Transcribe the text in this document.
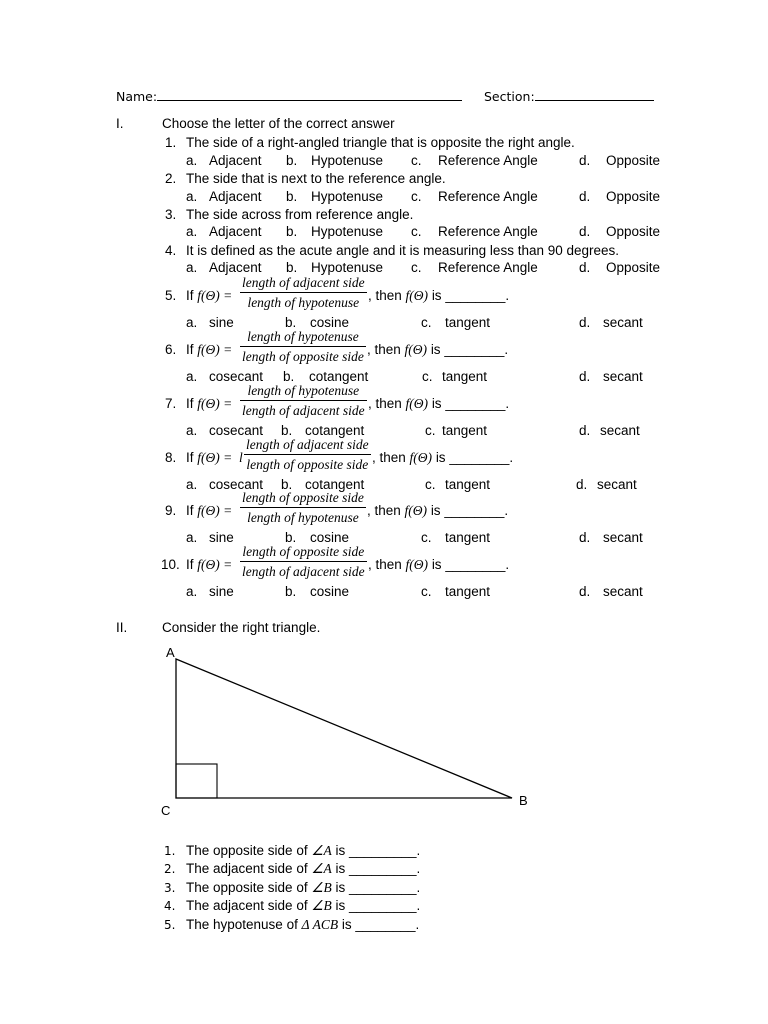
Name:	Section:
I.	Choose the letter of the correct answer
1. The side of a right-angled triangle that is opposite the right angle.
a. Adjacent b. Hypotenuse c. Reference Angle	d. Opposite
2. The side that is next to the reference angle.
a. Adjacent b. Hypotenuse c. Reference Angle	d. Opposite
3. The side across from reference angle.
a. Adjacent b. Hypotenuse c. Reference Angle	d. Opposite
4. It is defined as the acute angle and it is measuring less than 90 degrees.
a. Adjacent b. Hypotenuse c. Reference Angle	d. Opposite
5. If f(Θ) =
length of adjacent side
length of hypotenuse , then f(Θ) is ________.
a. sine	b. cosine	c. tangent	d. secant
6. If f(Θ) =
length of hypotenuse
length of opposite side , then f(Θ) is ________.
a. cosecant b. cotangent	c. tangent	d. secant
7. If f(Θ) =
length of hypotenuse
length of adjacent side , then f(Θ) is ________.
a. cosecant b. cotangent	c. tangent	d. secant
8. If f(Θ) = l
length of adjacent side
length of opposite side , then f(Θ) is ________.
a. cosecant b. cotangent	c. tangent	d. secant
9. If f(Θ) =
length of opposite side
length of hypotenuse , then f(Θ) is ________.
a. sine	b. cosine	c. tangent	d. secant
10. If f(Θ) =
length of opposite side
length of adjacent side , then f(Θ) is ________.
a. sine	b. cosine	c. tangent	d. secant
II.	Consider the right triangle.
A
B
C
1. The opposite side of ∠A is _________.
2. The adjacent side of ∠A is _________.
3. The opposite side of ∠B is _________.
4. The adjacent side of ∠B is _________.
5. The hypotenuse of Δ ACB is ________.
